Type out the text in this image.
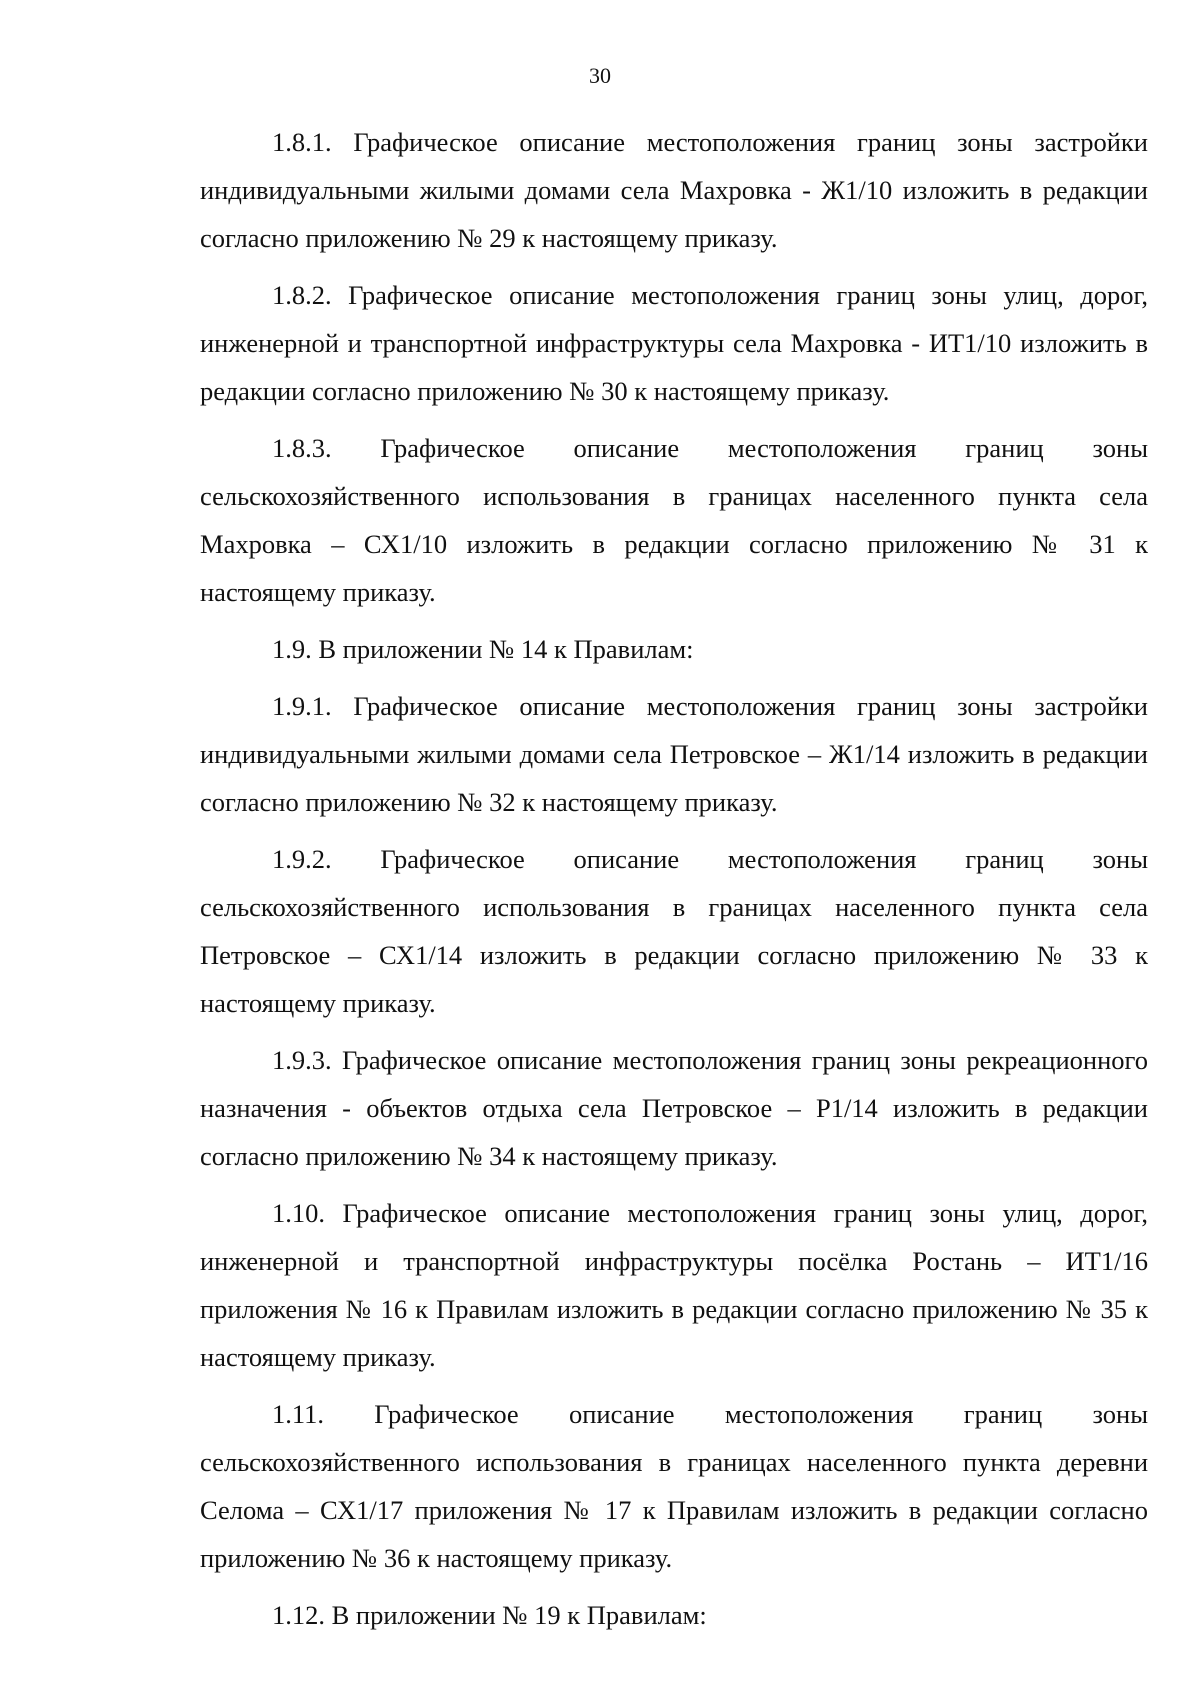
30

1.8.1. Графическое описание местоположения границ зоны застройки индивидуальными жилыми домами села Махровка - Ж1/10 изложить в редакции согласно приложению № 29 к настоящему приказу.

1.8.2. Графическое описание местоположения границ зоны улиц, дорог, инженерной и транспортной инфраструктуры села Махровка - ИТ1/10 изложить в редакции согласно приложению № 30 к настоящему приказу.

1.8.3. Графическое описание местоположения границ зоны сельскохозяйственного использования в границах населенного пункта села Махровка – СХ1/10 изложить в редакции согласно приложению № 31 к настоящему приказу.

1.9. В приложении № 14 к Правилам:

1.9.1. Графическое описание местоположения границ зоны застройки индивидуальными жилыми домами села Петровское – Ж1/14 изложить в редакции согласно приложению № 32 к настоящему приказу.

1.9.2. Графическое описание местоположения границ зоны сельскохозяйственного использования в границах населенного пункта села Петровское – СХ1/14 изложить в редакции согласно приложению № 33 к настоящему приказу.

1.9.3. Графическое описание местоположения границ зоны рекреационного назначения - объектов отдыха села Петровское – Р1/14 изложить в редакции согласно приложению № 34 к настоящему приказу.

1.10. Графическое описание местоположения границ зоны улиц, дорог, инженерной и транспортной инфраструктуры посёлка Ростань – ИТ1/16 приложения № 16 к Правилам изложить в редакции согласно приложению № 35 к настоящему приказу.

1.11. Графическое описание местоположения границ зоны сельскохозяйственного использования в границах населенного пункта деревни Селома – СХ1/17 приложения № 17 к Правилам изложить в редакции согласно приложению № 36 к настоящему приказу.

1.12. В приложении № 19 к Правилам:
